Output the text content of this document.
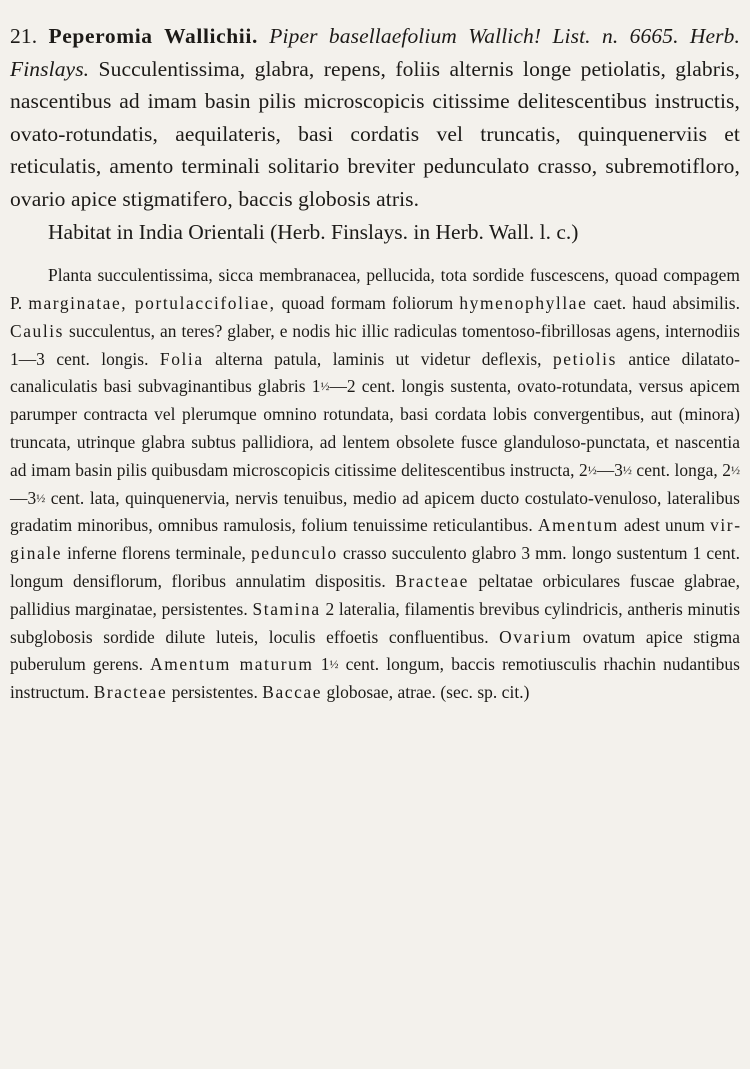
21. Peperomia Wallichii. Piper basellaefolium Wallich! List. n. 6665. Herb. Finslays. Succulentissima, glabra, repens, foliis alternis longe petiolatis, glabris, nascentibus ad imam basin pilis microscopicis citissime delitescentibus instructis, ovato-rotundatis, aequilateris, basi cordatis vel truncatis, quinquenerviis et reticulatis, amento terminali solitario breviter pedunculato crasso, subremotifloro, ovario apice stigmatifero, baccis globosis atris.

Habitat in India Orientali (Herb. Finslays. in Herb. Wall. l. c.)

Planta succulentissima, sicca membranacea, pellucida, tota sordide fuscescens, quoad compagem P. marginatae, portulaccifoliae, quoad formam foliorum hymenophyllae caet. haud absimilis. Caulis succulentus, an teres? glaber, e nodis hic illic radiculas tomentoso-fibrillosas agens, internodiis 1—3 cent. longis. Folia alterna patula, laminis ut videtur deflexis, petiolis antice dilatato-canaliculatis basi subvaginantibus glabris 1½—2 cent. longis sustenta, ovato-rotundata, versus apicem parumper contracta vel plerumque omnino rotundata, basi cordata lobis convergentibus, aut (minora) truncata, utrinque glabra subtus pallidiora, ad lentem obsolete fusce glanduloso-punctata, et nascentia ad imam basin pilis quibusdam microscopicis citissime delitescentibus instructa, 2½—3½ cent. longa, 2½—3½ cent. lata, quinquenervia, nervis tenuibus, medio ad apicem ducto costulato-venuloso, lateralibus gradatim minoribus, omnibus ramulosis, folium tenuissime reticulantibus. Amentum adest unum virginale inferne florens terminale, pedunculo crasso succulento glabro 3 mm. longo sustentum 1 cent. longum densiflorum, floribus annulatim dispositis. Bracteae peltatae orbiculares fuscae glabrae, pallidius marginatae, persistentes. Stamina 2 lateralia, filamentis brevibus cylindricis, antheris minutis subglobosis sordide dilute luteis, loculis effoetis confluentibus. Ovarium ovatum apice stigma puberulum gerens. Amentum maturum 1½ cent. longum, baccis remotiusculis rhachin nudantibus instructum. Bracteae persistentes. Baccae globosae, atrae. (sec. sp. cit.)
